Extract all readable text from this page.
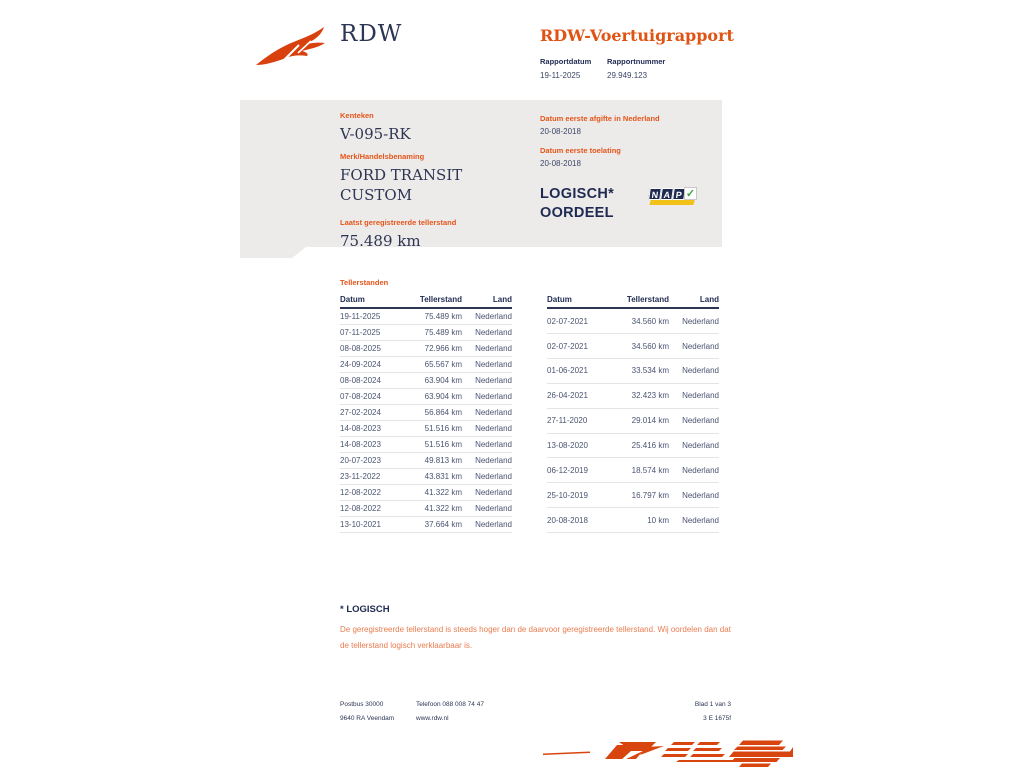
RDW	RDW-Voertuigrapport
Rapportdatum
19-11-2025
Rapportnummer
29.949.123
Kenteken
V-095-RK
Merk/Handelsbenaming
FORD TRANSIT CUSTOM
Laatst geregistreerde tellerstand
75.489 km
Datum eerste afgifte in Nederland
20-08-2018
Datum eerste toelating
20-08-2018
LOGISCH*
OORDEEL
N A P ✓
Tellerstanden
Datum	Tellerstand	Land
19-11-2025	75.489 km	Nederland
07-11-2025	75.489 km	Nederland
08-08-2025	72.966 km	Nederland
24-09-2024	65.567 km	Nederland
08-08-2024	63.904 km	Nederland
07-08-2024	63.904 km	Nederland
27-02-2024	56.864 km	Nederland
14-08-2023	51.516 km	Nederland
14-08-2023	51.516 km	Nederland
20-07-2023	49.813 km	Nederland
23-11-2022	43.831 km	Nederland
12-08-2022	41.322 km	Nederland
12-08-2022	41.322 km	Nederland
13-10-2021	37.664 km	Nederland
Datum	Tellerstand	Land
02-07-2021	34.560 km	Nederland
02-07-2021	34.560 km	Nederland
01-06-2021	33.534 km	Nederland
26-04-2021	32.423 km	Nederland
27-11-2020	29.014 km	Nederland
13-08-2020	25.416 km	Nederland
06-12-2019	18.574 km	Nederland
25-10-2019	16.797 km	Nederland
20-08-2018	10 km	Nederland
* LOGISCH
De geregistreerde tellerstand is steeds hoger dan de daarvoor geregistreerde tellerstand. Wij oordelen dan dat de tellerstand logisch verklaarbaar is.
Postbus 30000
9640 RA Veendam
Telefoon 088 008 74 47
www.rdw.nl
Blad 1 van 3
3 E 1675f
